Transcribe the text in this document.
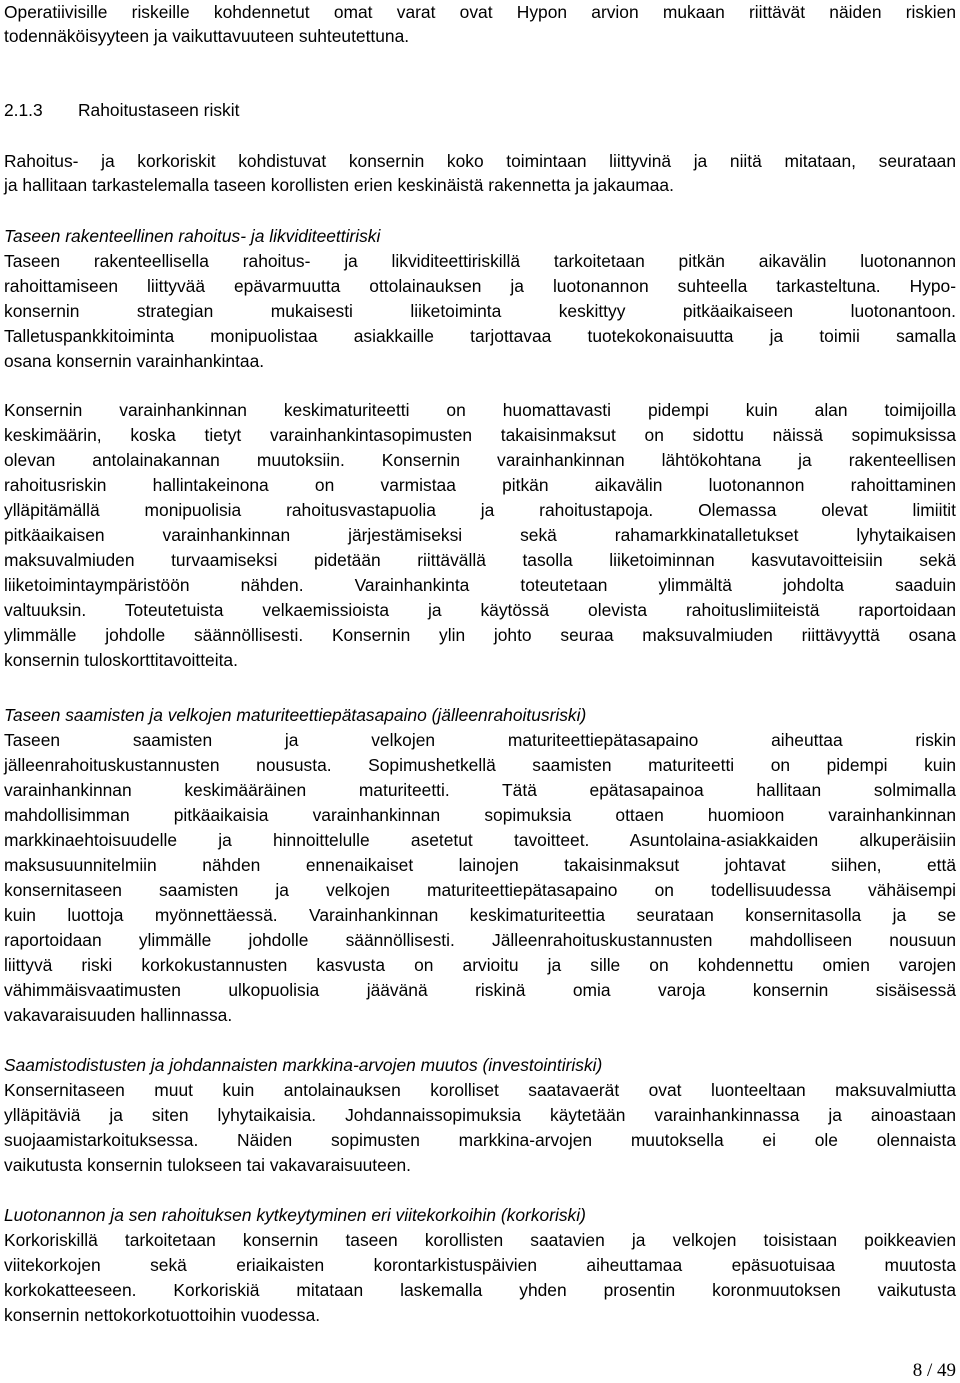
Operatiivisille riskeille kohdennetut omat varat ovat Hypon arvion mukaan riittävät näiden riskien
todennäköisyyteen ja vaikuttavuuteen suhteutettuna.
2.1.3 Rahoitustaseen riskit
Rahoitus- ja korkoriskit kohdistuvat konsernin koko toimintaan liittyvinä ja niitä mitataan, seurataan
ja hallitaan tarkastelemalla taseen korollisten erien keskinäistä rakennetta ja jakaumaa.
Taseen rakenteellinen rahoitus- ja likviditeettiriski
Taseen rakenteellisella rahoitus- ja likviditeettiriskillä tarkoitetaan pitkän aikavälin luotonannon
rahoittamiseen liittyvää epävarmuutta ottolainauksen ja luotonannon suhteella tarkasteltuna. Hypo-
konsernin strategian mukaisesti liiketoiminta keskittyy pitkäaikaiseen luotonantoon.
Talletuspankkitoiminta monipuolistaa asiakkaille tarjottavaa tuotekokonaisuutta ja toimii samalla
osana konsernin varainhankintaa.
Konsernin varainhankinnan keskimaturiteetti on huomattavasti pidempi kuin alan toimijoilla
keskimäärin, koska tietyt varainhankintasopimusten takaisinmaksut on sidottu näissä sopimuksissa
olevan antolainakannan muutoksiin. Konsernin varainhankinnan lähtökohtana ja rakenteellisen
rahoitusriskin hallintakeinona on varmistaa pitkän aikavälin luotonannon rahoittaminen
ylläpitämällä monipuolisia rahoitusvastapuolia ja rahoitustapoja. Olemassa olevat limiitit
pitkäaikaisen varainhankinnan järjestämiseksi sekä rahamarkkinatalletukset lyhytaikaisen
maksuvalmiuden turvaamiseksi pidetään riittävällä tasolla liiketoiminnan kasvutavoitteisiin sekä
liiketoimintaympäristöön nähden. Varainhankinta toteutetaan ylimmältä johdolta saaduin
valtuuksin. Toteutetuista velkaemissioista ja käytössä olevista rahoituslimiiteistä raportoidaan
ylimmälle johdolle säännöllisesti. Konsernin ylin johto seuraa maksuvalmiuden riittävyyttä osana
konsernin tuloskorttitavoitteita.
Taseen saamisten ja velkojen maturiteettiepätasapaino (jälleenrahoitusriski)
Taseen saamisten ja velkojen maturiteettiepätasapaino aiheuttaa riskin
jälleenrahoituskustannusten noususta. Sopimushetkellä saamisten maturiteetti on pidempi kuin
varainhankinnan keskimääräinen maturiteetti. Tätä epätasapainoa hallitaan solmimalla
mahdollisimman pitkäaikaisia varainhankinnan sopimuksia ottaen huomioon varainhankinnan
markkinaehtoisuudelle ja hinnoittelulle asetetut tavoitteet. Asuntolaina-asiakkaiden alkuperäisiin
maksusuunnitelmiin nähden ennenaikaiset lainojen takaisinmaksut johtavat siihen, että
konsernitaseen saamisten ja velkojen maturiteettiepätasapaino on todellisuudessa vähäisempi
kuin luottoja myönnettäessä. Varainhankinnan keskimaturiteettia seurataan konsernitasolla ja se
raportoidaan ylimmälle johdolle säännöllisesti. Jälleenrahoituskustannusten mahdolliseen nousuun
liittyvä riski korkokustannusten kasvusta on arvioitu ja sille on kohdennettu omien varojen
vähimmäisvaatimusten ulkopuolisia jäävänä riskinä omia varoja konsernin sisäisessä
vakavaraisuuden hallinnassa.
Saamistodistusten ja johdannaisten markkina-arvojen muutos (investointiriski)
Konsernitaseen muut kuin antolainauksen korolliset saatavaerät ovat luonteeltaan maksuvalmiutta
ylläpitäviä ja siten lyhytaikaisia. Johdannaissopimuksia käytetään varainhankinnassa ja ainoastaan
suojaamistarkoituksessa. Näiden sopimusten markkina-arvojen muutoksella ei ole olennaista
vaikutusta konsernin tulokseen tai vakavaraisuuteen.
Luotonannon ja sen rahoituksen kytkeytyminen eri viitekorkoihin (korkoriski)
Korkoriskillä tarkoitetaan konsernin taseen korollisten saatavien ja velkojen toisistaan poikkeavien
viitekorkojen sekä eriaikaisten korontarkistuspäivien aiheuttamaa epäsuotuisaa muutosta
korkokatteeseen. Korkoriskiä mitataan laskemalla yhden prosentin koronmuutoksen vaikutusta
konsernin nettokorkotuottoihin vuodessa.
8 / 49
